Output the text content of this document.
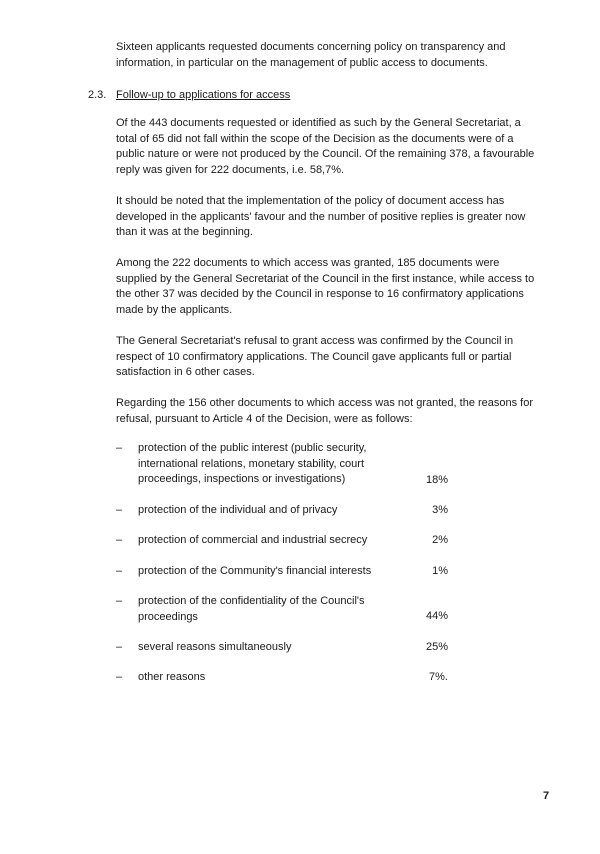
Sixteen applicants requested documents concerning policy on transparency and information, in particular on the management of public access to documents.

2.3. Follow-up to applications for access

Of the 443 documents requested or identified as such by the General Secretariat, a total of 65 did not fall within the scope of the Decision as the documents were of a public nature or were not produced by the Council. Of the remaining 378, a favourable reply was given for 222 documents, i.e. 58,7%.

It should be noted that the implementation of the policy of document access has developed in the applicants' favour and the number of positive replies is greater now than it was at the beginning.

Among the 222 documents to which access was granted, 185 documents were supplied by the General Secretariat of the Council in the first instance, while access to the other 37 was decided by the Council in response to 16 confirmatory applications made by the applicants.

The General Secretariat's refusal to grant access was confirmed by the Council in respect of 10 confirmatory applications. The Council gave applicants full or partial satisfaction in 6 other cases.

Regarding the 156 other documents to which access was not granted, the reasons for refusal, pursuant to Article 4 of the Decision, were as follows:

– protection of the public interest (public security, international relations, monetary stability, court proceedings, inspections or investigations)	18%
– protection of the individual and of privacy	3%
– protection of commercial and industrial secrecy	2%
– protection of the Community's financial interests	1%
– protection of the confidentiality of the Council's proceedings	44%
– several reasons simultaneously	25%
– other reasons	7%.
7
